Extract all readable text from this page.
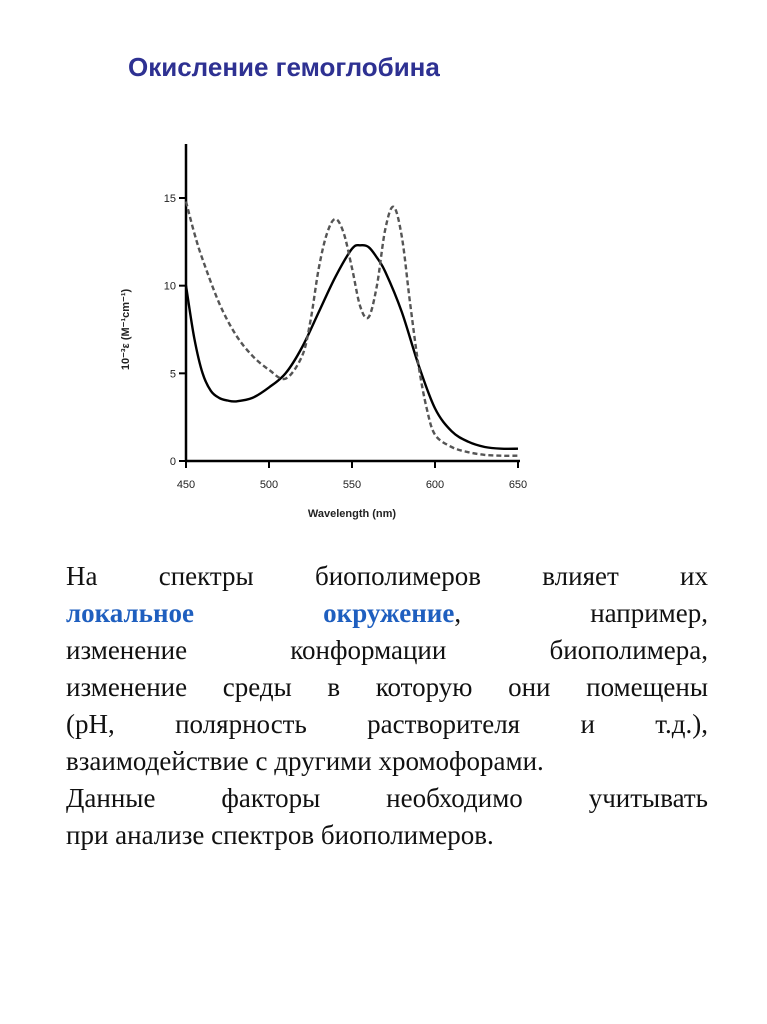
Окисление гемоглобина
0
5
10
15
450	500	550	600	650
Wavelength (nm)
10⁻³ε (M⁻¹cm⁻¹)
На спектры биополимеров влияет их
локальное окружение, например,
изменение конформации биополимера,
изменение среды в которую они помещены
(pH, полярность растворителя и т.д.),
взаимодействие с другими хромофорами.
Данные факторы необходимо учитывать
при анализе спектров биополимеров.
